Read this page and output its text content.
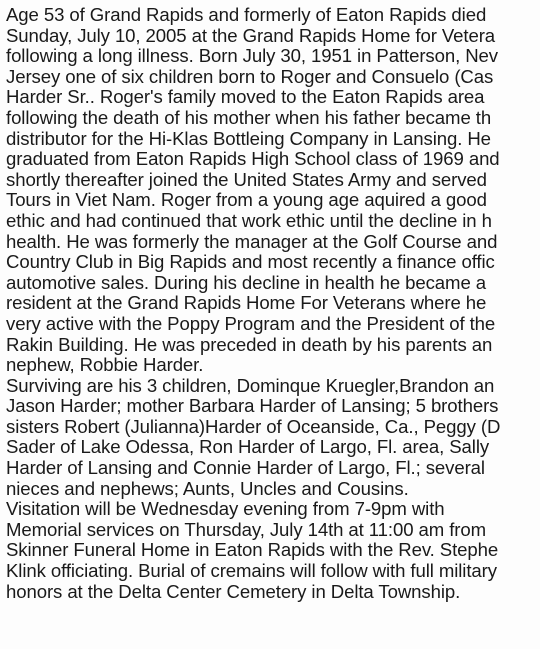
Age 53 of Grand Rapids and formerly of Eaton Rapids died
Sunday, July 10, 2005 at the Grand Rapids Home for Vetera
following a long illness. Born July 30, 1951 in Patterson, Nev
Jersey one of six children born to Roger and Consuelo (Cas
Harder Sr.. Roger's family moved to the Eaton Rapids area
following the death of his mother when his father became th
distributor for the Hi-Klas Bottleing Company in Lansing. He
graduated from Eaton Rapids High School class of 1969 and
shortly thereafter joined the United States Army and served
Tours in Viet Nam. Roger from a young age aquired a good
ethic and had continued that work ethic until the decline in h
health. He was formerly the manager at the Golf Course and
Country Club in Big Rapids and most recently a finance offic
automotive sales. During his decline in health he became a
resident at the Grand Rapids Home For Veterans where he
very active with the Poppy Program and the President of the
Rakin Building. He was preceded in death by his parents an
nephew, Robbie Harder.
Surviving are his 3 children, Dominque Kruegler,Brandon an
Jason Harder; mother Barbara Harder of Lansing; 5 brothers
sisters Robert (Julianna)Harder of Oceanside, Ca., Peggy (D
Sader of Lake Odessa, Ron Harder of Largo, Fl. area, Sally
Harder of Lansing and Connie Harder of Largo, Fl.; several
nieces and nephews; Aunts, Uncles and Cousins.
Visitation will be Wednesday evening from 7-9pm with
Memorial services on Thursday, July 14th at 11:00 am from
Skinner Funeral Home in Eaton Rapids with the Rev. Stephe
Klink officiating. Burial of cremains will follow with full military
honors at the Delta Center Cemetery in Delta Township.
